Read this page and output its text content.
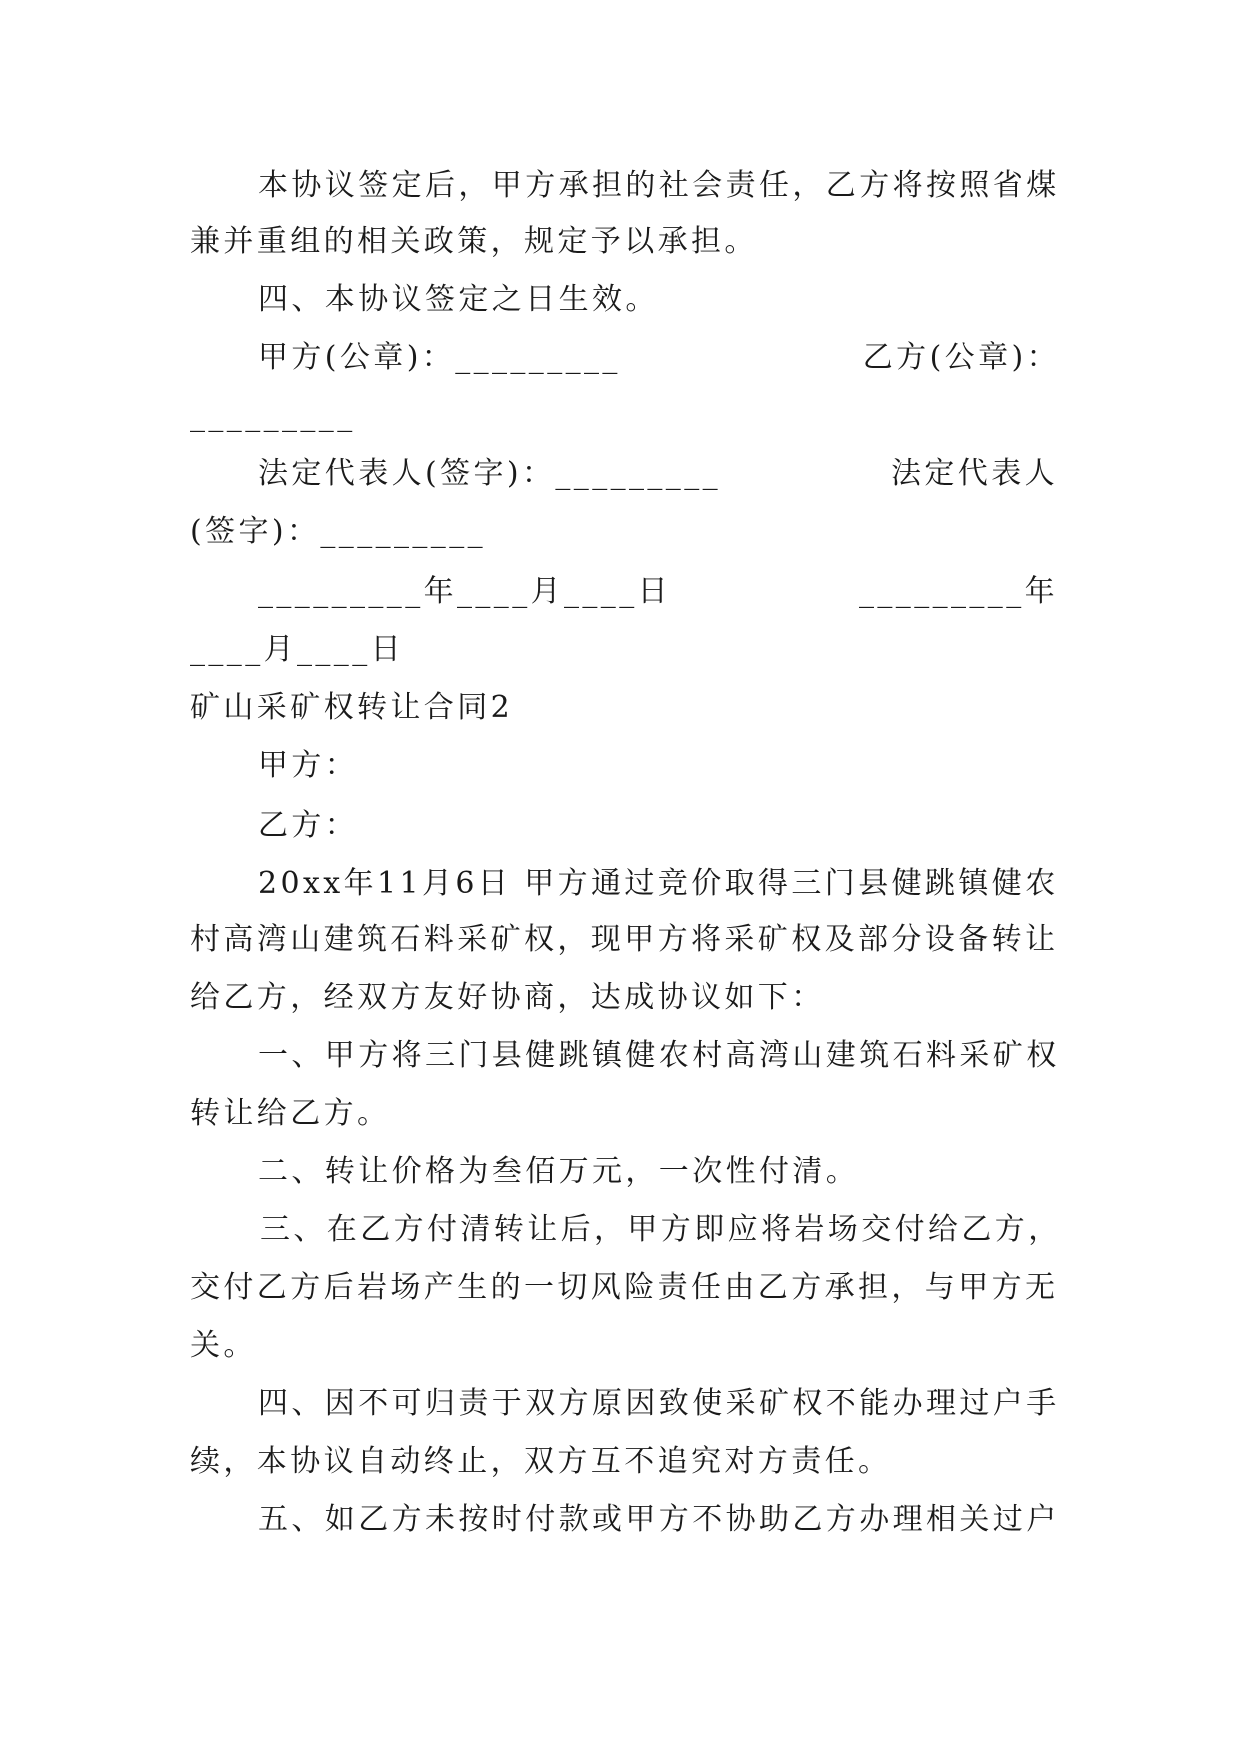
本协议签定后，甲方承担的社会责任，乙方将按照省煤
兼并重组的相关政策，规定予以承担。
四、本协议签定之日生效。
甲方(公章)：_________	乙方(公章)：
_________
法定代表人(签字)：_________	法定代表人
(签字)：_________
_________年____月____日	_________年
____月____日
矿山采矿权转让合同2
甲方：
乙方：
20xx年11月6日 甲方通过竞价取得三门县健跳镇健农
村高湾山建筑石料采矿权，现甲方将采矿权及部分设备转让
给乙方，经双方友好协商，达成协议如下：
一、甲方将三门县健跳镇健农村高湾山建筑石料采矿权
转让给乙方。
二、转让价格为叁佰万元，一次性付清。
三、在乙方付清转让后，甲方即应将岩场交付给乙方，
交付乙方后岩场产生的一切风险责任由乙方承担，与甲方无
关。
四、因不可归责于双方原因致使采矿权不能办理过户手
续，本协议自动终止，双方互不追究对方责任。
五、如乙方未按时付款或甲方不协助乙方办理相关过户
